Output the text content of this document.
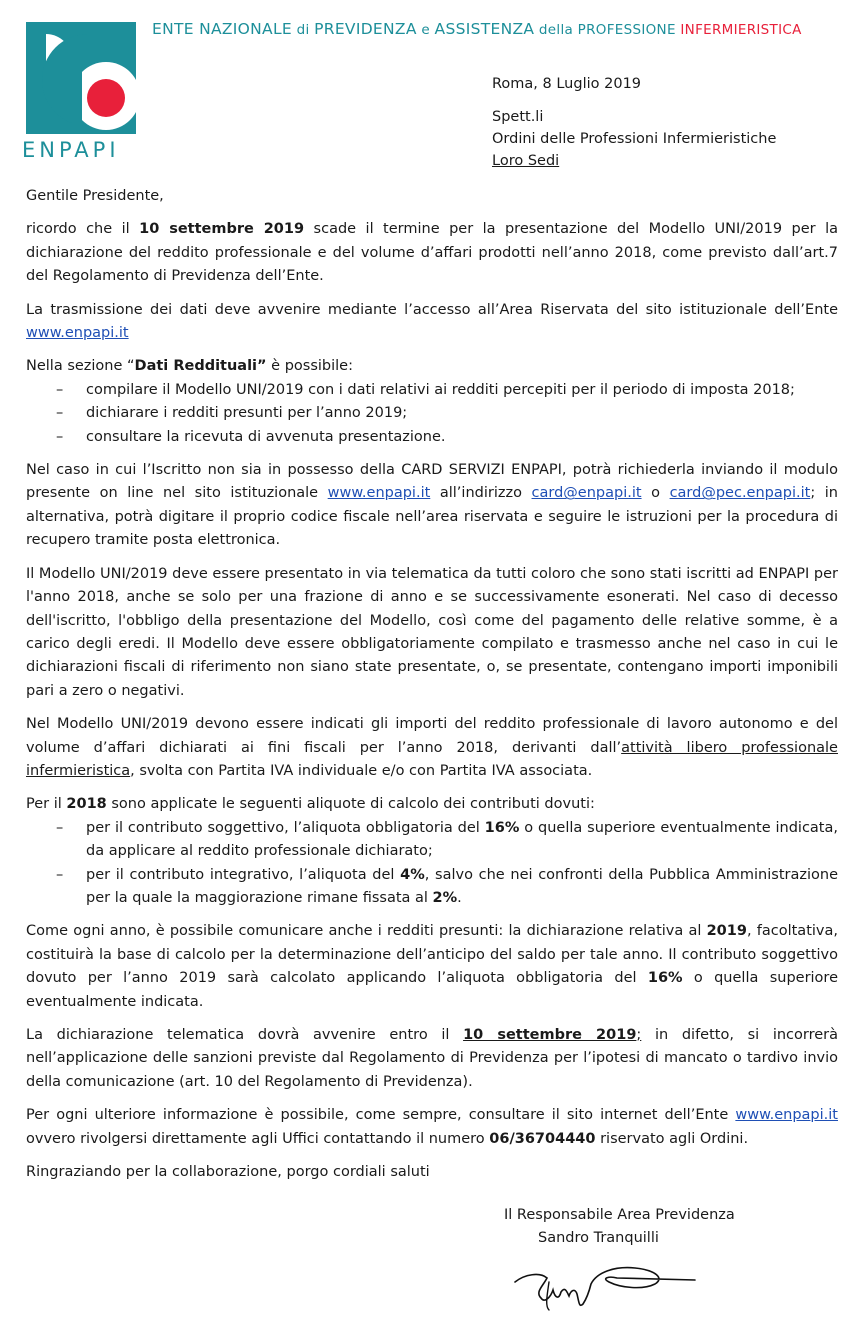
ENPAPI
ENTE NAZIONALE di PREVIDENZA e ASSISTENZA della PROFESSIONE INFERMIERISTICA
Roma, 8 Luglio 2019
Spett.li
Ordini delle Professioni Infermieristiche
Loro Sedi

Gentile Presidente,

ricordo che il 10 settembre 2019 scade il termine per la presentazione del Modello UNI/2019 per la dichiarazione del reddito professionale e del volume d’affari prodotti nell’anno 2018, come previsto dall’art.7 del Regolamento di Previdenza dell’Ente.

La trasmissione dei dati deve avvenire mediante l’accesso all’Area Riservata del sito istituzionale dell’Ente www.enpapi.it

Nella sezione “Dati Reddituali” è possibile:

– compilare il Modello UNI/2019 con i dati relativi ai redditi percepiti per il periodo di imposta 2018;
– dichiarare i redditi presunti per l’anno 2019;
– consultare la ricevuta di avvenuta presentazione.

Nel caso in cui l’Iscritto non sia in possesso della CARD SERVIZI ENPAPI, potrà richiederla inviando il modulo presente on line nel sito istituzionale www.enpapi.it all’indirizzo card@enpapi.it o card@pec.enpapi.it; in alternativa, potrà digitare il proprio codice fiscale nell’area riservata e seguire le istruzioni per la procedura di recupero tramite posta elettronica.

Il Modello UNI/2019 deve essere presentato in via telematica da tutti coloro che sono stati iscritti ad ENPAPI per l'anno 2018, anche se solo per una frazione di anno e se successivamente esonerati. Nel caso di decesso dell'iscritto, l'obbligo della presentazione del Modello, così come del pagamento delle relative somme, è a carico degli eredi. Il Modello deve essere obbligatoriamente compilato e trasmesso anche nel caso in cui le dichiarazioni fiscali di riferimento non siano state presentate, o, se presentate, contengano importi imponibili pari a zero o negativi.

Nel Modello UNI/2019 devono essere indicati gli importi del reddito professionale di lavoro autonomo e del volume d’affari dichiarati ai fini fiscali per l’anno 2018, derivanti dall’attività libero professionale infermieristica, svolta con Partita IVA individuale e/o con Partita IVA associata.

Per il 2018 sono applicate le seguenti aliquote di calcolo dei contributi dovuti:

– per il contributo soggettivo, l’aliquota obbligatoria del 16% o quella superiore eventualmente indicata, da applicare al reddito professionale dichiarato;
– per il contributo integrativo, l’aliquota del 4%, salvo che nei confronti della Pubblica Amministrazione per la quale la maggiorazione rimane fissata al 2%.

Come ogni anno, è possibile comunicare anche i redditi presunti: la dichiarazione relativa al 2019, facoltativa, costituirà la base di calcolo per la determinazione dell’anticipo del saldo per tale anno. Il contributo soggettivo dovuto per l’anno 2019 sarà calcolato applicando l’aliquota obbligatoria del 16% o quella superiore eventualmente indicata.

La dichiarazione telematica dovrà avvenire entro il 10 settembre 2019; in difetto, si incorrerà nell’applicazione delle sanzioni previste dal Regolamento di Previdenza per l’ipotesi di mancato o tardivo invio della comunicazione (art. 10 del Regolamento di Previdenza).

Per ogni ulteriore informazione è possibile, come sempre, consultare il sito internet dell’Ente www.enpapi.it ovvero rivolgersi direttamente agli Uffici contattando il numero 06/36704440 riservato agli Ordini.

Ringraziando per la collaborazione, porgo cordiali saluti

Il Responsabile Area Previdenza
Sandro Tranquilli
